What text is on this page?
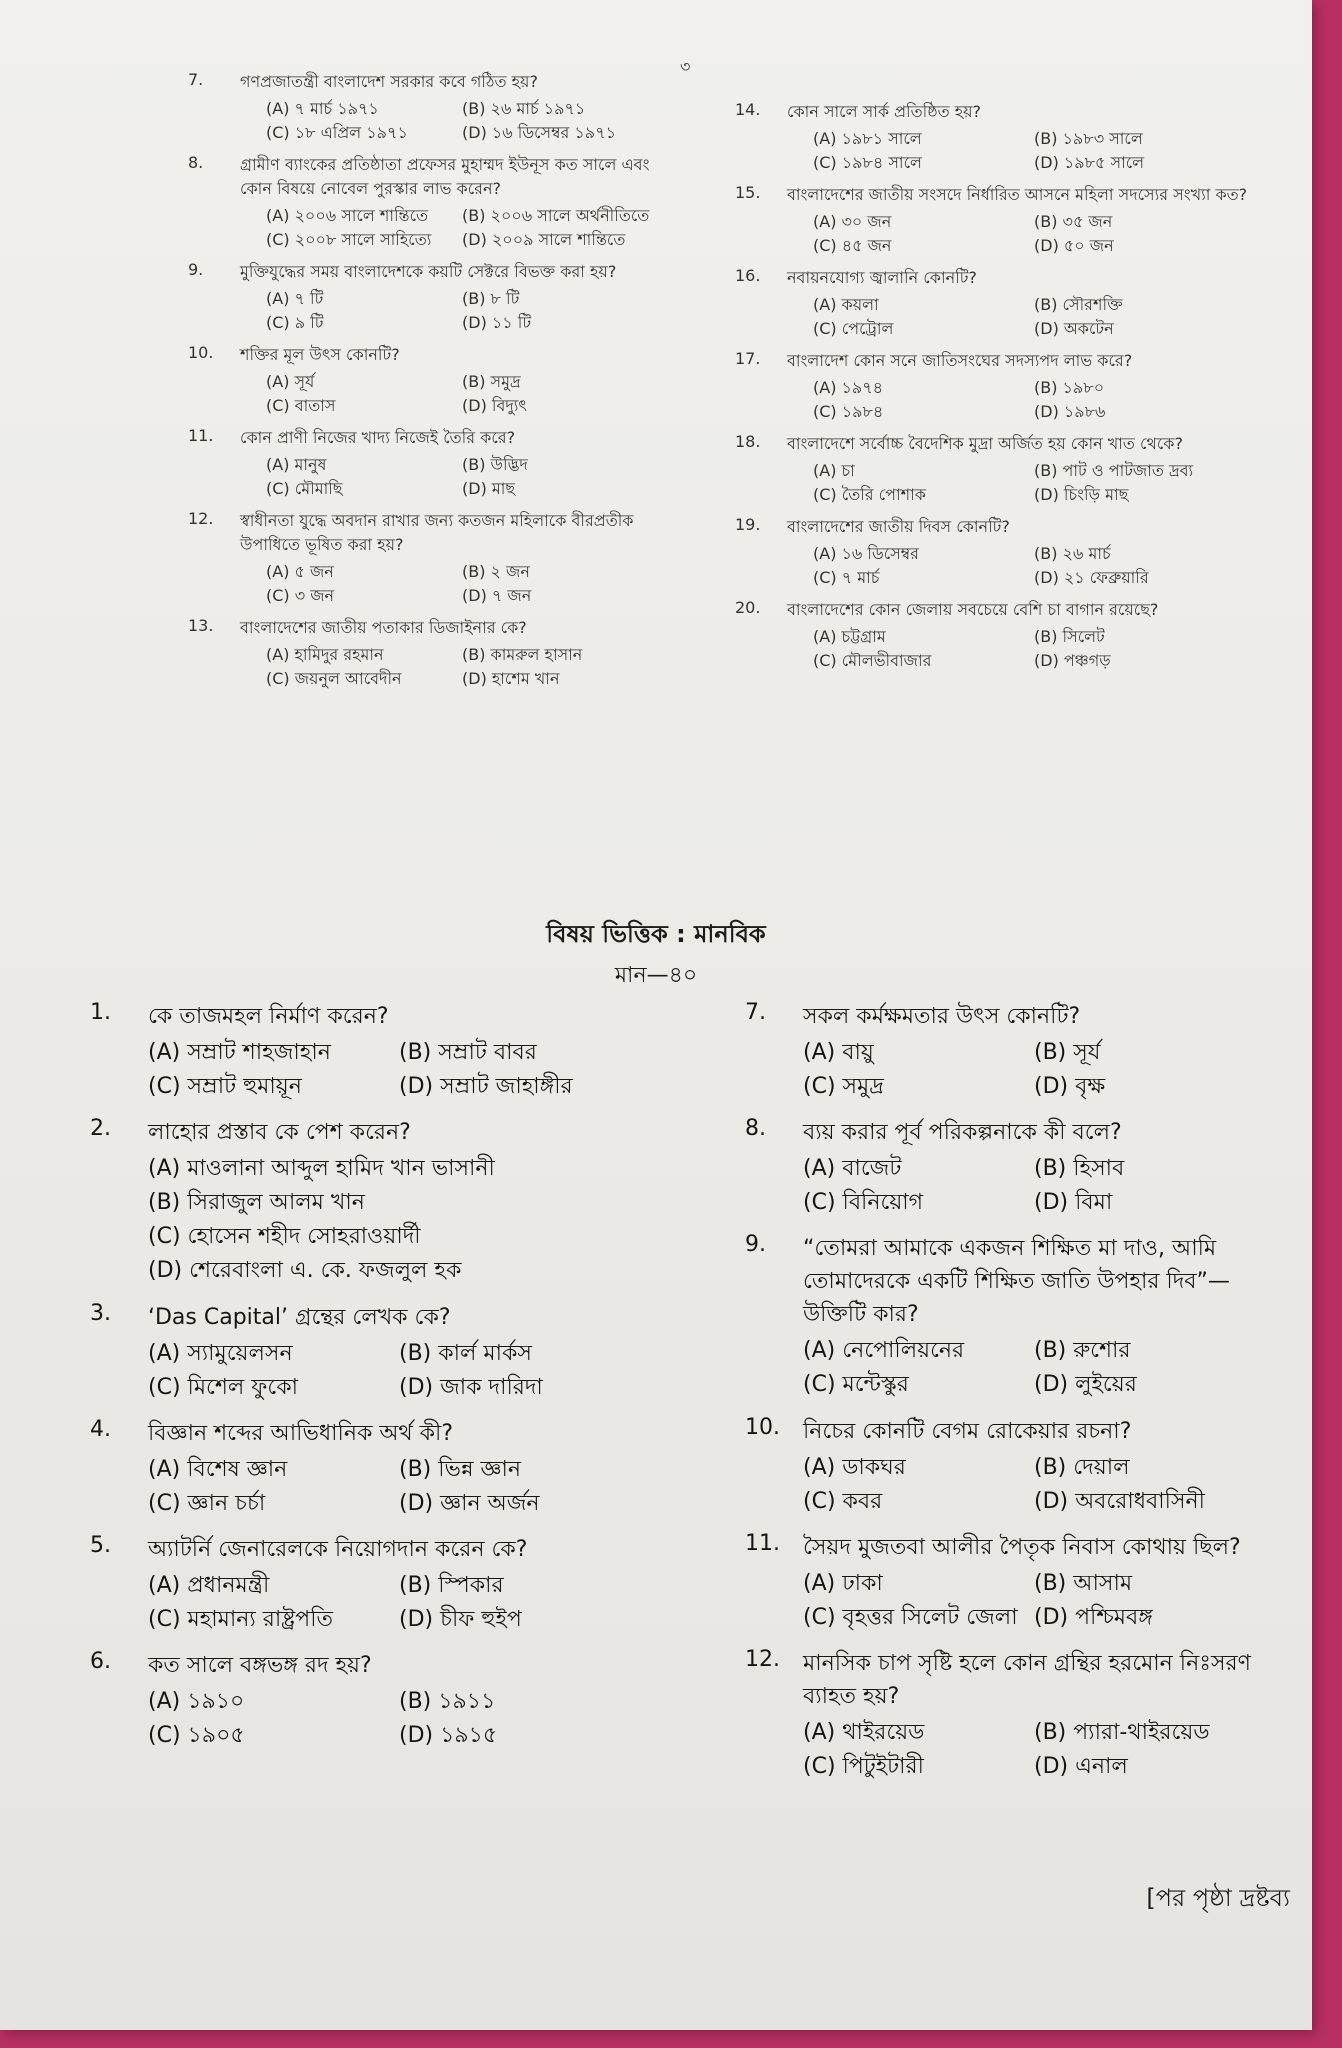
৩
7.	গণপ্রজাতন্ত্রী বাংলাদেশ সরকার কবে গঠিত হয়?
(A) ৭ মার্চ ১৯৭১	(B) ২৬ মার্চ ১৯৭১
(C) ১৮ এপ্রিল ১৯৭১	(D) ১৬ ডিসেম্বর ১৯৭১
8.	গ্রামীণ ব্যাংকের প্রতিষ্ঠাতা প্রফেসর মুহাম্মদ ইউনূস কত সালে এবং কোন বিষয়ে নোবেল পুরস্কার লাভ করেন?
(A) ২০০৬ সালে শান্তিতে	(B) ২০০৬ সালে অর্থনীতিতে
(C) ২০০৮ সালে সাহিত্যে	(D) ২০০৯ সালে শান্তিতে
9.	মুক্তিযুদ্ধের সময় বাংলাদেশকে কয়টি সেক্টরে বিভক্ত করা হয়?
(A) ৭ টি	(B) ৮ টি
(C) ৯ টি	(D) ১১ টি
10.	শক্তির মূল উৎস কোনটি?
(A) সূর্য	(B) সমুদ্র
(C) বাতাস	(D) বিদ্যুৎ
11.	কোন প্রাণী নিজের খাদ্য নিজেই তৈরি করে?
(A) মানুষ	(B) উদ্ভিদ
(C) মৌমাছি	(D) মাছ
12.	স্বাধীনতা যুদ্ধে অবদান রাখার জন্য কতজন মহিলাকে বীরপ্রতীক উপাধিতে ভূষিত করা হয়?
(A) ৫ জন	(B) ২ জন
(C) ৩ জন	(D) ৭ জন
13.	বাংলাদেশের জাতীয় পতাকার ডিজাইনার কে?
(A) হামিদুর রহমান	(B) কামরুল হাসান
(C) জয়নুল আবেদীন	(D) হাশেম খান
14.	কোন সালে সার্ক প্রতিষ্ঠিত হয়?
(A) ১৯৮১ সালে	(B) ১৯৮৩ সালে
(C) ১৯৮৪ সালে	(D) ১৯৮৫ সালে
15.	বাংলাদেশের জাতীয় সংসদে নির্ধারিত আসনে মহিলা সদস্যের সংখ্যা কত?
(A) ৩০ জন	(B) ৩৫ জন
(C) ৪৫ জন	(D) ৫০ জন
16.	নবায়নযোগ্য জ্বালানি কোনটি?
(A) কয়লা	(B) সৌরশক্তি
(C) পেট্রোল	(D) অকটেন
17.	বাংলাদেশ কোন সনে জাতিসংঘের সদস্যপদ লাভ করে?
(A) ১৯৭৪	(B) ১৯৮০
(C) ১৯৮৪	(D) ১৯৮৬
18.	বাংলাদেশে সর্বোচ্চ বৈদেশিক মুদ্রা অর্জিত হয় কোন খাত থেকে?
(A) চা	(B) পাট ও পাটজাত দ্রব্য
(C) তৈরি পোশাক	(D) চিংড়ি মাছ
19.	বাংলাদেশের জাতীয় দিবস কোনটি?
(A) ১৬ ডিসেম্বর	(B) ২৬ মার্চ
(C) ৭ মার্চ	(D) ২১ ফেব্রুয়ারি
20.	বাংলাদেশের কোন জেলায় সবচেয়ে বেশি চা বাগান রয়েছে?
(A) চট্টগ্রাম	(B) সিলেট
(C) মৌলভীবাজার	(D) পঞ্চগড়
বিষয় ভিত্তিক : মানবিক
মান—৪০
1.	কে তাজমহল নির্মাণ করেন?
(A) সম্রাট শাহজাহান	(B) সম্রাট বাবর
(C) সম্রাট হুমায়ূন	(D) সম্রাট জাহাঙ্গীর
2.	লাহোর প্রস্তাব কে পেশ করেন?
(A) মাওলানা আব্দুল হামিদ খান ভাসানী
(B) সিরাজুল আলম খান
(C) হোসেন শহীদ সোহরাওয়ার্দী
(D) শেরেবাংলা এ. কে. ফজলুল হক
3.	‘Das Capital’ গ্রন্থের লেখক কে?
(A) স্যামুয়েলসন	(B) কার্ল মার্কস
(C) মিশেল ফুকো	(D) জাক দারিদা
4.	বিজ্ঞান শব্দের আভিধানিক অর্থ কী?
(A) বিশেষ জ্ঞান	(B) ভিন্ন জ্ঞান
(C) জ্ঞান চর্চা	(D) জ্ঞান অর্জন
5.	অ্যাটর্নি জেনারেলকে নিয়োগদান করেন কে?
(A) প্রধানমন্ত্রী	(B) স্পিকার
(C) মহামান্য রাষ্ট্রপতি	(D) চীফ হুইপ
6.	কত সালে বঙ্গভঙ্গ রদ হয়?
(A) ১৯১০	(B) ১৯১১
(C) ১৯০৫	(D) ১৯১৫
7.	সকল কর্মক্ষমতার উৎস কোনটি?
(A) বায়ু	(B) সূর্য
(C) সমুদ্র	(D) বৃক্ষ
8.	ব্যয় করার পূর্ব পরিকল্পনাকে কী বলে?
(A) বাজেট	(B) হিসাব
(C) বিনিয়োগ	(D) বিমা
9.	“তোমরা আমাকে একজন শিক্ষিত মা দাও, আমি তোমাদেরকে একটি শিক্ষিত জাতি উপহার দিব”— উক্তিটি কার?
(A) নেপোলিয়নের	(B) রুশোর
(C) মন্টেস্কুর	(D) লুইয়ের
10.	নিচের কোনটি বেগম রোকেয়ার রচনা?
(A) ডাকঘর	(B) দেয়াল
(C) কবর	(D) অবরোধবাসিনী
11.	সৈয়দ মুজতবা আলীর পৈতৃক নিবাস কোথায় ছিল?
(A) ঢাকা	(B) আসাম
(C) বৃহত্তর সিলেট জেলা (D) পশ্চিমবঙ্গ
12.	মানসিক চাপ সৃষ্টি হলে কোন গ্রন্থির হরমোন নিঃসরণ ব্যাহত হয়?
(A) থাইরয়েড	(B) প্যারা-থাইরয়েড
(C) পিটুইটারী	(D) এনাল
[পর পৃষ্ঠা দ্রষ্টব্য
